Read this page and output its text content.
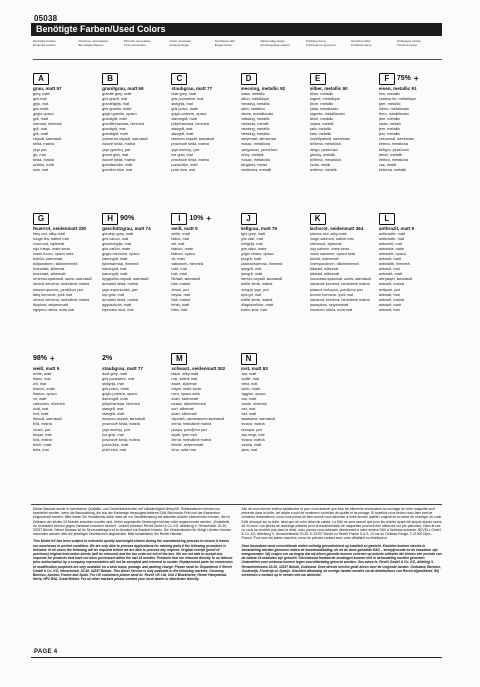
05038
Benötigte Farben/Used Colors
Benötigte Farben
Required colours
Peintures nécessaires
Benodigde kleuren
Pinturas necesarias
Tinte necessarie
Colori necessari
Anderas färger
Tarvittavat värit
Brugte farver
Nødvendige farger
Необходимые краски
Potřebné barvy
Απαιτούμενα χρώματα
Gerekli renkler
Potřebné barvy
Szükséges színek
Potrebne barve
A
grau, matt 57
grey, matt
gris mat
grijs, mat
gris mate
grigio opaco
grå, matt
harmaa, himmeä
grå, mat
grå, matt
серый, матовый
šedá, matná
γκρι ματ
gri, mat
šedá, matná
szürke, matt
siva, mat
B
granitgrau, matt 69
granite grey, matt
gris granit, mat
granietgrijs, mat
gris granito, mate
grigio granito, opaco
granitgrå, matt
graniitinharmaa, himmeä
granitgrå, mat
granittgrå, matt
гранитно-серый, матовый
žulově šedá, matná
γκρι γρανίτη, ματ
granit grisi, mat
žulově šedá, matná
gránitszürke, matt
granitno siva, mat
C
staubgrau, matt 77
dust grey, matt
gris poussière, mat
stofgrijs, mat
gris polvo, mate
grigio polvere, opaco
dammgrå, matt
pölynharmaa, himmeä
støvgrå, mat
støvgrå, matt
пыльно-серый, матовый
prachově šedá, matná
γκρι σκόνης, ματ
toz grisi, mat
prachově šedá, matná
porszürke, matt
prah siva, mat
D
messing, metallic 92
brass, metallic
laiton, métallique
messing, metallic
latón, metálico
ottone, metallizzato
mässing, metallic
messinki, metalli
messing, metallic
messing, metallic
латунный, металлик
mosaz, metalická
ορείχαλκος, μεταλλικό
pirinç, metalik
mosaz, metalická
sárgaréz, metál
medenina, metalik
E
silber, metallic 90
silver, metallic
argent, métallique
zilver, metallic
plata, metalizado
argento, metallizzato
silver, metallic
hopea, metalli
sølv, metallic
sølv, metallic
серебряный, металлик
stříbrná, metalická
ασημί, μεταλλικό
gümüş, metalik
stříbrná, metalická
ezüst, metál
srebrna, metalik
F $^{75\%}$ +
eisen, metallic 91
iron, metallic
couleur fer, métallique
ijzer, metallic
hierro, metalizado
ferro, metallizzato
järn, metallic
rauta, metalli
jern, metallic
jern, metallic
стальной, металлик
železo, metalická
σίδηρο, μεταλλικό
demir, metalik
železo, metalická
vas, metál
železna, metalik
G
feuerrot, seidenmatt 330
fiery red, silky-matt
rouge feu, satiné mat
vuurrood, zijdemat
rojo fuego, mate seda
rosso fuoco, opaco seta
eldröd, sidenmatt
tulipunainen, silkinhimmeä
brandrød, silkemat
brannrød, silkematt
огненно-красный, шелк.-матовый
ohnivě červená, hedvábně matná
κόκκινο φωτιάς, μεταξένιο ματ
ateş kırmızısı, ipek mat
ohnivě červená, hedvábně matná
tűzpiros, selyemmatt
ognjeno rdeča, svila mat
H $^{90\%}$
geschützgrau, matt 74
gunship grey, matt
gris canon, mat
geschutgrijs, mat
gris cañón, mate
grigio cannone, opaco
kanongrå, matt
tykinharmaa, himmeä
kanongrå, mat
kanongrå, matt
орудийно-серый, матовый
armádní šedá, matná
γκρι στρατιωτικό, ματ
top grisi, mat
armádní šedá, matná
ágyúszürke, matt
topovsko siva, mat
I $^{10\%}$ +
weiß, matt 5
white, matt
blanc, mat
wit, mat
blanco, mate
bianco, opaco
vit, matt
valkoinen, himmeä
hvid, mat
hvit, matt
белый, матовый
bílá, matná
λευκό, ματ
beyaz, mat
bílá, matná
fehér, matt
bela, mat
J
hellgrau, matt 76
light grey, matt
gris clair, mat
lichtgrijs, mat
gris claro, mate
grigio chiaro, opaco
ljusgrå, matt
vaaleanharmaa, himmeä
lysegrå, mat
lysegrå, matt
светло-серый, матовый
světle šedá, matná
ανοιχτό γκρι, ματ
açık gri, mat
světle šedá, matná
világosszürke, matt
svetlo siva, mat
K
lachsrot, seidenmatt 364
salmon red, silky-matt
rouge saumon, satiné mat
zalmrood, zijdemat
rojo salmón, mate seda
rosso salmone, opaco seta
laxröd, sidenmatt
lohenpunainen, silkinhimmeä
laksrød, silkemat
laksrød, silkematt
лососево-красный, шелк.-матовый
lososově červená, hedvábně matná
κόκκινο σολομού, μεταξένιο ματ
somon kırmızısı, ipek mat
lososově červená, hedvábně matná
lazacpiros, selyemmatt
lososovo rdeča, svila mat
L
anthrazit, matt 9
anthracite, matt
anthracite, mat
antraciet, mat
antracita, mate
antracite, opaco
antracit, matt
antrasiitti, himmeä
antracit, mat
antrasitt, matt
антрацит, матовый
antracit, matná
ανθρακί, ματ
antrasit, mat
antracit, matná
antracit, matt
antracit, mat
$^{98\%}$ +
weiß, matt 5
white, matt
blanc, mat
wit, mat
blanco, mate
bianco, opaco
vit, matt
valkoinen, himmeä
hvid, mat
hvit, matt
белый, матовый
bílá, matná
λευκό, ματ
beyaz, mat
bílá, matná
fehér, matt
bela, mat
$^{2\%}$
staubgrau, matt 77
dust grey, matt
gris poussière, mat
stofgrijs, mat
gris polvo, mate
grigio polvere, opaco
dammgrå, matt
pölynharmaa, himmeä
støvgrå, mat
støvgrå, matt
пыльно-серый, матовый
prachově šedá, matná
γκρι σκόνης, ματ
toz grisi, mat
prachově šedá, matná
porszürke, matt
prah siva, mat
M
schwarz, seidenmatt 302
black, silky-matt
noir, satiné mat
zwart, zijdemat
negro, mate seda
nero, opaco seta
svart, sidenmatt
musta, silkinhimmeä
sort, silkemat
svart, silkematt
чёрный, шелковисто-матовый
černá, hedvábně matná
μαύρο, μεταξένιο ματ
siyah, ipek mat
černá, hedvábně matná
fekete, selyemmatt
črna, svila mat
N
rost, matt 83
rust, matt
rouille, mat
roest, mat
óxido, mate
ruggine, opaco
rost, matt
ruoste, himmeä
rust, mat
rust, matt
ржавчина, матовый
rezavá, matná
σκουριά, ματ
pas rengi, mat
rezavá, matná
rozsda, matt
rjava, mat

Dieser Bausatz wurde in mehrfachen Qualitäts- und Gewichtskontrollen auf Vollständigkeit überprüft. Reklamationen können nur bearbeitet werden, wenn die Bauanleitung, die aus der Kartonage herausgeschnittene EAN-Strichcode-Feld und der Kassenbon eingeschickt werden. Bitte haben Sie Verständnis dafür, dass wir nur Gewährleistung bei aktuellen Artikeln übernehmen können, die im Zeitraum der letzten 24 Monate erworben wurden sind. Unfrei zugesandte Sendungen können nicht angenommen werden. „Ersatzteile für Umbauten können gegen Vorkasse erworben werden“. Unsere Adresse: Revell GmbH & Co. KG, Abteilung X, Henschelstr. 20-30, 32257 Bünde. Dieser Bausatz ist für Serviceanfragen ist im Ausland nur Ausland können. Die Versandkosten für übrige Ländern können ansonsten werden über die jeweiligen Distributoren abgewickelt. Bitte kontaktieren Sie Revell-Händler.

This Model Kit has been subject to extensive quality and weight checks during the manufacturing process to ensure it leaves our warehouse in perfect condition. We are only able to process applications for missing parts if the following procedure is followed. In all cases the following will be required before we are able to process any request: Original receipt (proof of purchase) original instruction sheets (will be returned) and the bar code cut out of the box. We are not able to accept any requests for products that have not been purchased within the last 24 months. Products that are returned directly to us without prior authorisation by a company representative will not be accepted and returned to sender. Replacement parts for conversion or modification purposes are only available on a cash basis, postage and packing charge. Please send to: Department X Revell GmbH & Co. KG, Henschelstr. 20-30, 32257 Bünde. This direct Service is only available in the following markets: Germany, Benelux, Austria, France and Spain. For UK customers please send to: Revell UK Ltd, Unit 2 Blackhorse, Hemel Hempstead, Herts, HP2 5HA, Great Britain. For all other markets please contact your local dealer or distributor directly.

Afin de vous donner entière satisfaction et pour nous assurer que tous les éléments nécessaires au montage de votre maquette sont présents dans la boîte, cet article a subi de nombreux contrôles de qualité et de pesage. Si toutefois vous deviez nous faire part de certaines réclamations, nous vous prions de bien vouloir nous adresser à notre service qualité l’original de la notice de montage, du code EAN découpé sur la boîte, ainsi que de votre ticket de caisse. La SAV ne sera assuré que pour les articles ayant été acquis depuis moins de 24 mois. Les pièces de rechange utilisées pour la transformation de maquettes pourront être obtenues sur pré-paiement. Dans le cas où vous ne rendriez pas dans le délai, vous pouvez vous adresser directement à notre service SAV à l’adresse suivante: REVELL GmbH & Co. KG, Abteilung X, Henschelstraße 20-30, D-32257 Bünde ou Revell France S.A.S, 10 rue du Château Rouge, F-21000 Dijon, France. Pour tous les autres marchés, merci de prendre contact avec votre détaillant ou distributeur.

Deze bouwdoos werd verschillende malen volledig gecontroleerd op kwaliteit en gewicht. Klachten kunnen slechts in behandeling worden genomen indien de bouwhandleiding, de uit de doos gehaalde EAN – streepjescode en de kassabon zijn meegezonden. Wij vragen om uw begrip dat wij alleen garantie kunnen verlenen op actuele artikelen die binnen een periode van de laatste 24 maanden zijn gekocht. Onvoldoend frankeerde zendingen kunnen niet in behandeling worden genomen. Onderdelen voor ombouw kunnen tegen vooruitbetaling gekocht worden. Ons adres is: Revell GmbH & Co. KG, Afdeling X, Henschelstrasse 20-30, 32257 Bünde, Duitsland. Deze directe service geldt alleen voor de volgende landen: Duitsland, Benelux, Oostenrijk, Frankrijk en Spanje. Klachten afkomstig uit overige landen worden via de distributeurs van Revell afgewikkeld. Wij verzoeken u contact op te nemen met uw winkelier.

PAGE 4
